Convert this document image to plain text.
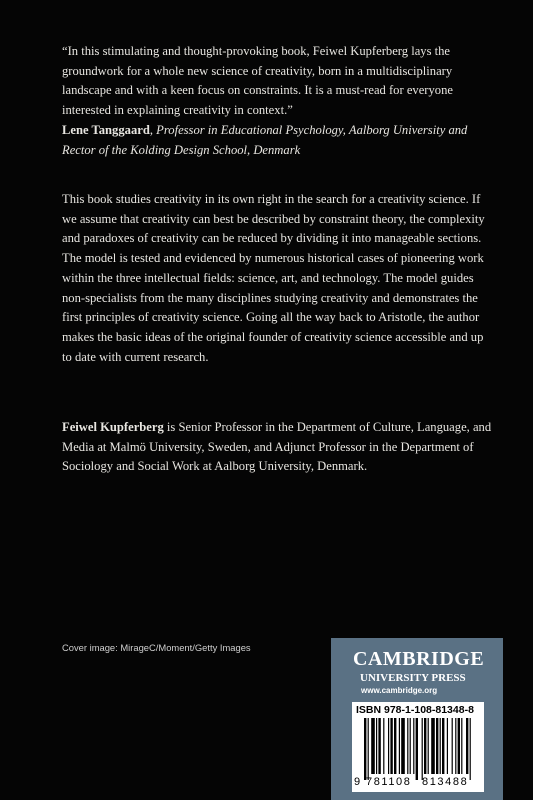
“In this stimulating and thought-provoking book, Feiwel Kupferberg lays the groundwork for a whole new science of creativity, born in a multidisciplinary landscape and with a keen focus on constraints. It is a must-read for everyone interested in explaining creativity in context.”
Lene Tanggaard, Professor in Educational Psychology, Aalborg University and Rector of the Kolding Design School, Denmark
This book studies creativity in its own right in the search for a creativity science. If we assume that creativity can best be described by constraint theory, the complexity and paradoxes of creativity can be reduced by dividing it into manageable sections. The model is tested and evidenced by numerous historical cases of pioneering work within the three intellectual fields: science, art, and technology. The model guides non-specialists from the many disciplines studying creativity and demonstrates the first principles of creativity science. Going all the way back to Aristotle, the author makes the basic ideas of the original founder of creativity science accessible and up to date with current research.
Feiwel Kupferberg is Senior Professor in the Department of Culture, Language, and Media at Malmö University, Sweden, and Adjunct Professor in the Department of Sociology and Social Work at Aalborg University, Denmark.
Cover image: MirageC/Moment/Getty Images
CAMBRIDGE
UNIVERSITY PRESS
www.cambridge.org
ISBN 978-1-108-81348-8
9 781108 813488
